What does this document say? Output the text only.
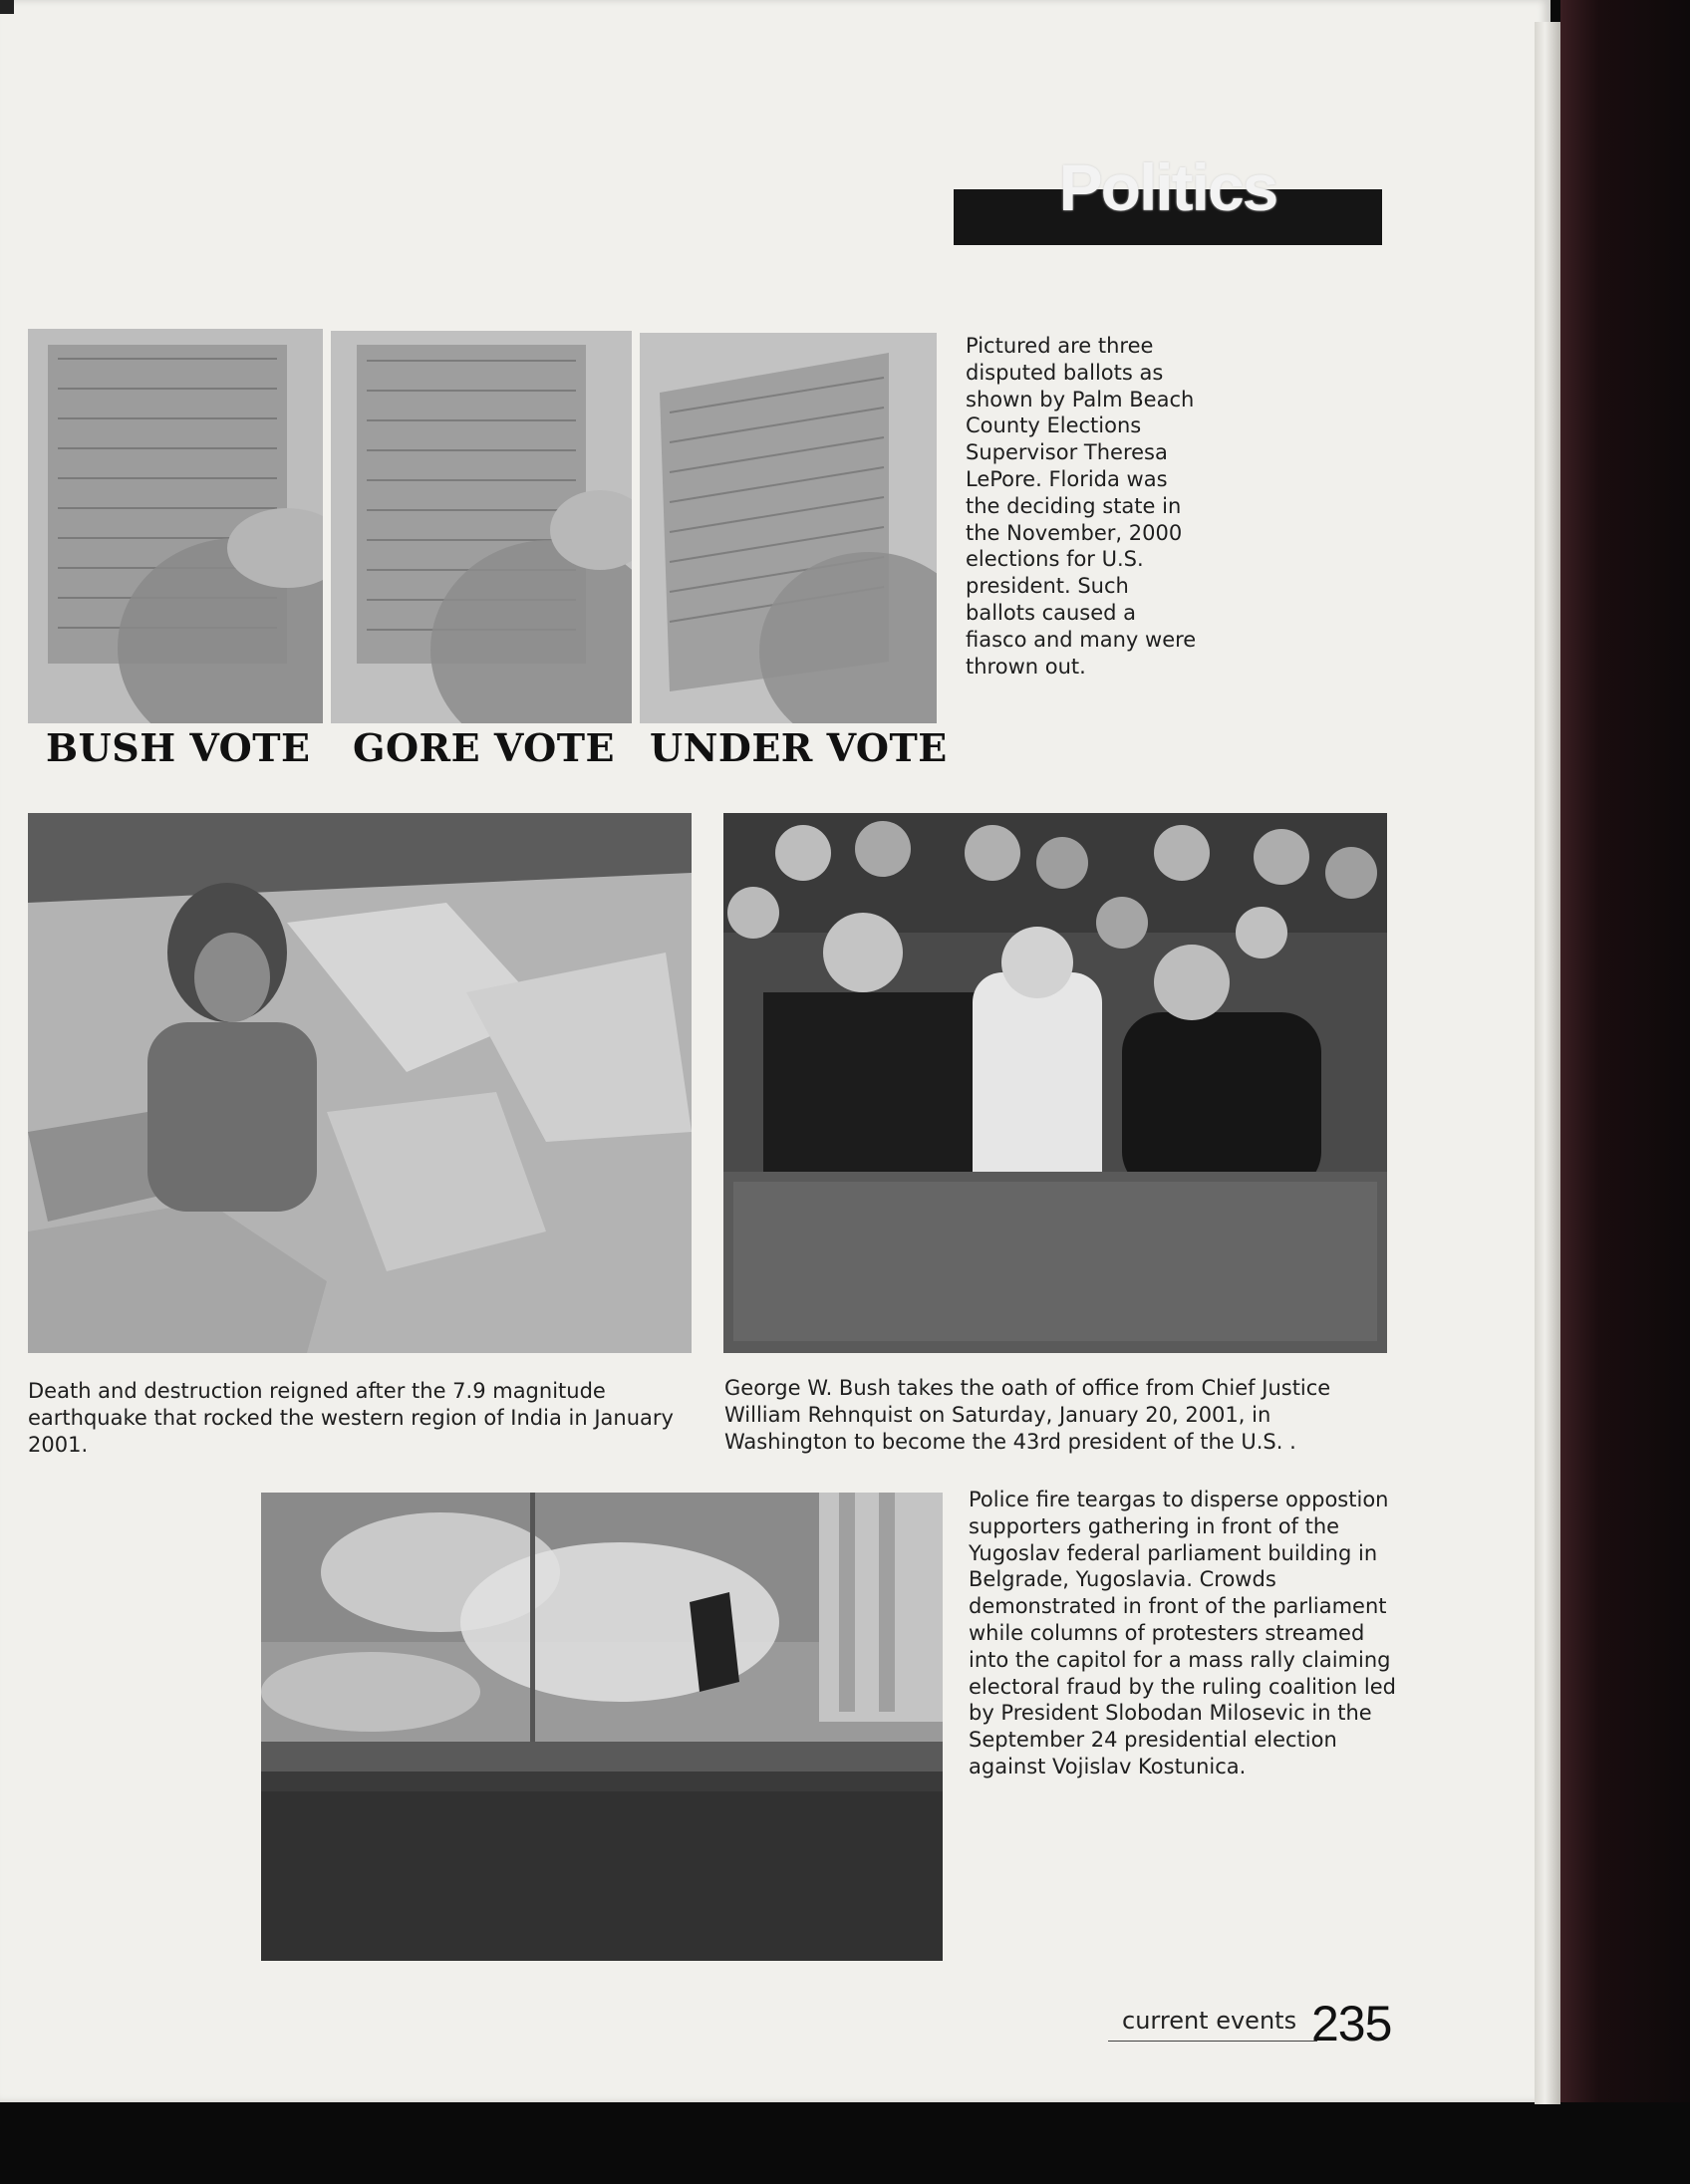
Politics
BUSH VOTE GORE VOTE UNDER VOTE
Pictured are three disputed ballots as shown by Palm Beach County Elections Supervisor Theresa LePore. Florida was the deciding state in the November, 2000 elections for U.S. president. Such ballots caused a fiasco and many were thrown out.
Death and destruction reigned after the 7.9 magnitude earthquake that rocked the western region of India in January 2001.
George W. Bush takes the oath of office from Chief Justice William Rehnquist on Saturday, January 20, 2001, in Washington to become the 43rd president of the U.S. .
Police fire teargas to disperse oppostion supporters gathering in front of the Yugoslav federal parliament building in Belgrade, Yugoslavia. Crowds demonstrated in front of the parliament while columns of protesters streamed into the capitol for a mass rally claiming electoral fraud by the ruling coalition led by President Slobodan Milosevic in the September 24 presidential election against Vojislav Kostunica.
current events 235
